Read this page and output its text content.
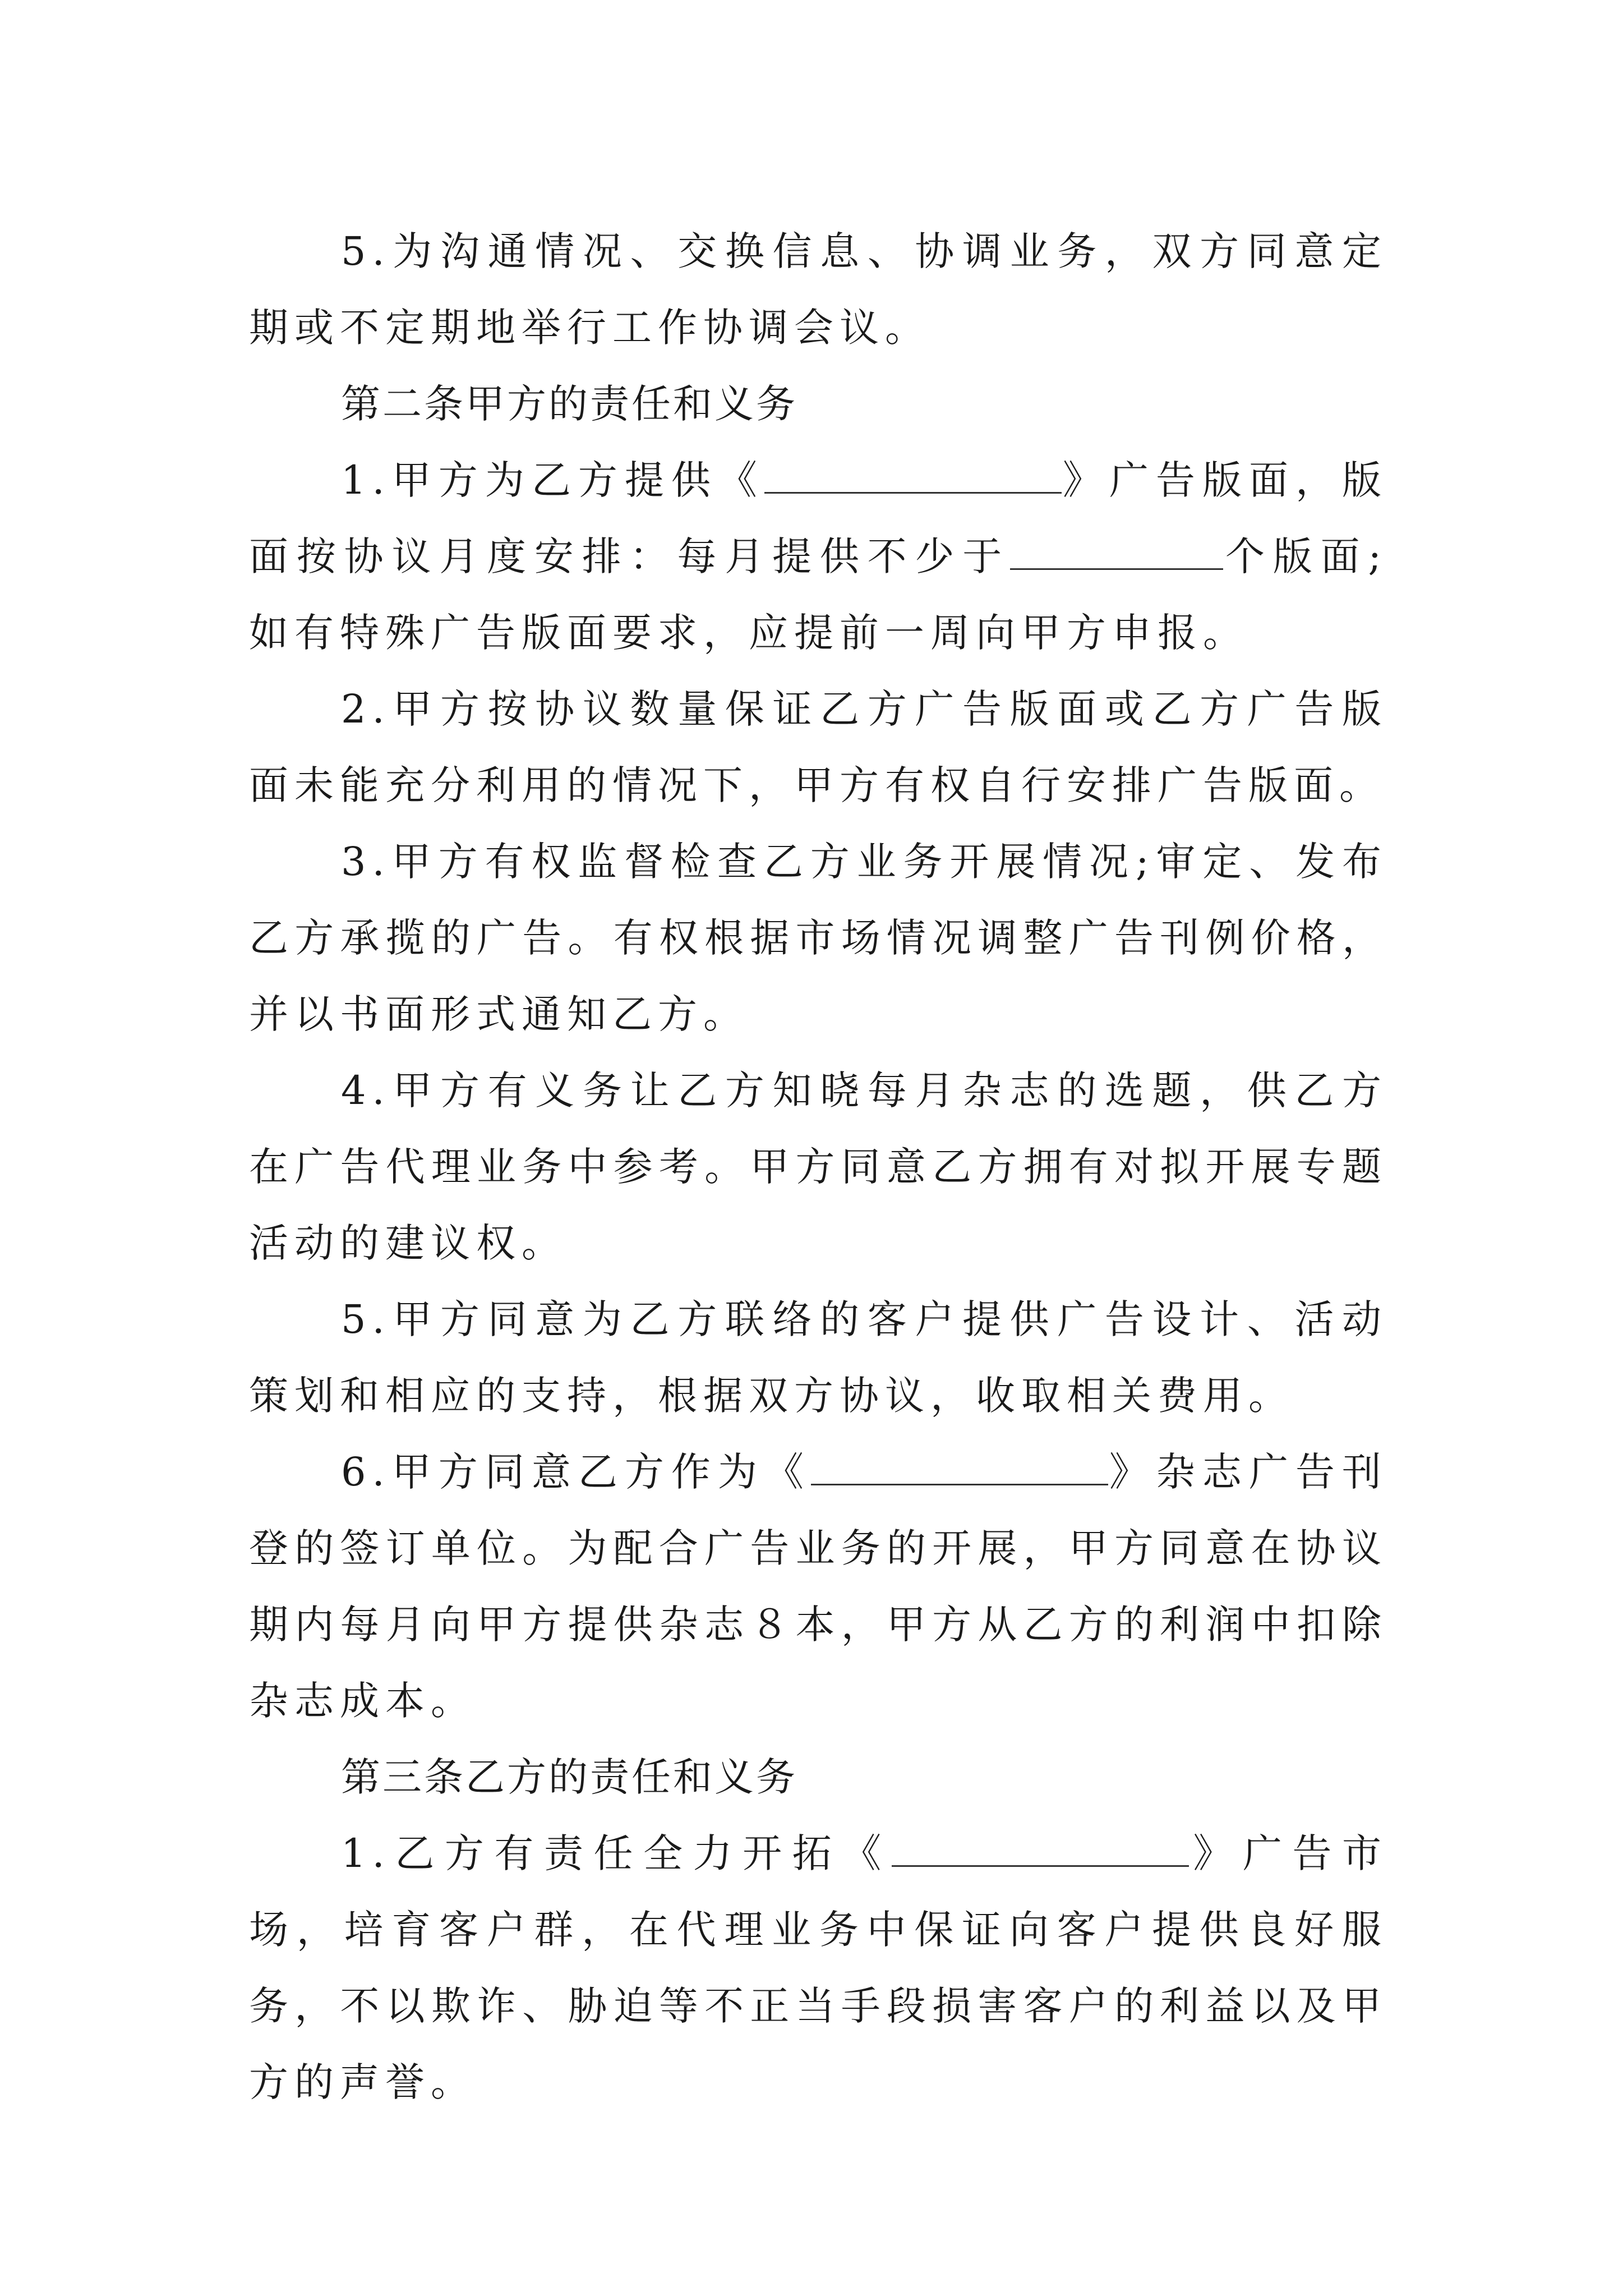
5.为沟通情况、交换信息、协调业务，双方同意定期或不定期地举行工作协调会议。

第二条甲方的责任和义务

1.甲方为乙方提供《	》广告版面，版面按协议月度安排：每月提供不少于	个版面;如有特殊广告版面要求，应提前一周向甲方申报。

2.甲方按协议数量保证乙方广告版面或乙方广告版面未能充分利用的情况下，甲方有权自行安排广告版面。

3.甲方有权监督检查乙方业务开展情况;审定、发布乙方承揽的广告。有权根据市场情况调整广告刊例价格，并以书面形式通知乙方。

4.甲方有义务让乙方知晓每月杂志的选题，供乙方在广告代理业务中参考。甲方同意乙方拥有对拟开展专题活动的建议权。

5.甲方同意为乙方联络的客户提供广告设计、活动策划和相应的支持，根据双方协议，收取相关费用。

6.甲方同意乙方作为《	》杂志广告刊登的签订单位。为配合广告业务的开展，甲方同意在协议期内每月向甲方提供杂志８本，甲方从乙方的利润中扣除杂志成本。

第三条乙方的责任和义务

1.乙方有责任全力开拓《	》广告市场，培育客户群，在代理业务中保证向客户提供良好服务，不以欺诈、胁迫等不正当手段损害客户的利益以及甲方的声誉。
